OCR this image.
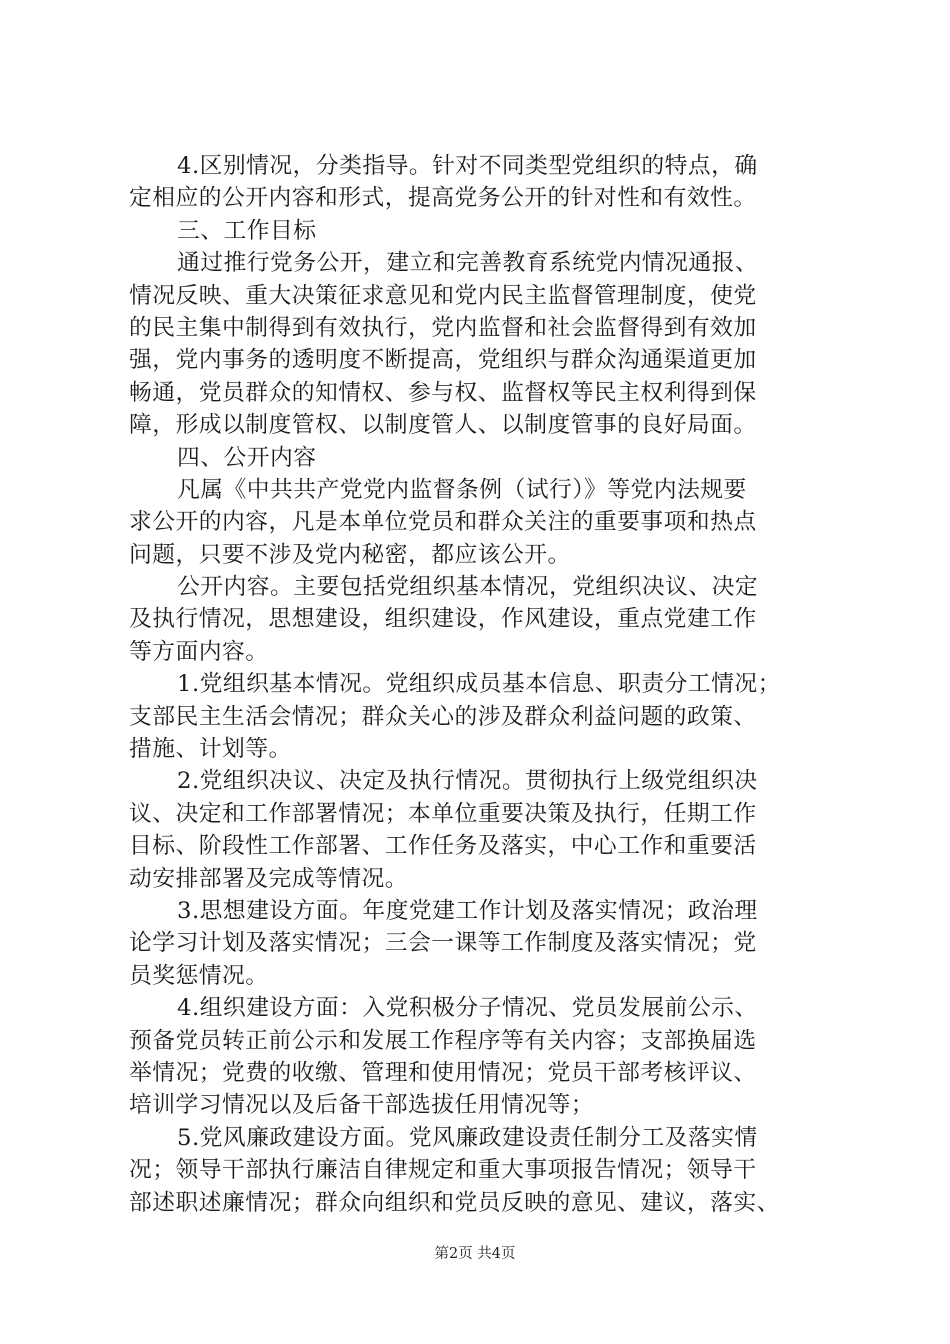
4.区别情况，分类指导。针对不同类型党组织的特点，确
定相应的公开内容和形式，提高党务公开的针对性和有效性。
三、工作目标
通过推行党务公开，建立和完善教育系统党内情况通报、
情况反映、重大决策征求意见和党内民主监督管理制度，使党
的民主集中制得到有效执行，党内监督和社会监督得到有效加
强，党内事务的透明度不断提高，党组织与群众沟通渠道更加
畅通，党员群众的知情权、参与权、监督权等民主权利得到保
障，形成以制度管权、以制度管人、以制度管事的良好局面。
四、公开内容
凡属《中共共产党党内监督条例（试行）》等党内法规要
求公开的内容，凡是本单位党员和群众关注的重要事项和热点
问题，只要不涉及党内秘密，都应该公开。
公开内容。主要包括党组织基本情况，党组织决议、决定
及执行情况，思想建设，组织建设，作风建设，重点党建工作
等方面内容。
1.党组织基本情况。党组织成员基本信息、职责分工情况；
支部民主生活会情况；群众关心的涉及群众利益问题的政策、
措施、计划等。
2.党组织决议、决定及执行情况。贯彻执行上级党组织决
议、决定和工作部署情况；本单位重要决策及执行，任期工作
目标、阶段性工作部署、工作任务及落实，中心工作和重要活
动安排部署及完成等情况。
3.思想建设方面。年度党建工作计划及落实情况；政治理
论学习计划及落实情况；三会一课等工作制度及落实情况；党
员奖惩情况。
4.组织建设方面：入党积极分子情况、党员发展前公示、
预备党员转正前公示和发展工作程序等有关内容；支部换届选
举情况；党费的收缴、管理和使用情况；党员干部考核评议、
培训学习情况以及后备干部选拔任用情况等；
5.党风廉政建设方面。党风廉政建设责任制分工及落实情
况；领导干部执行廉洁自律规定和重大事项报告情况；领导干
部述职述廉情况；群众向组织和党员反映的意见、建议，落实、
第2页 共4页
